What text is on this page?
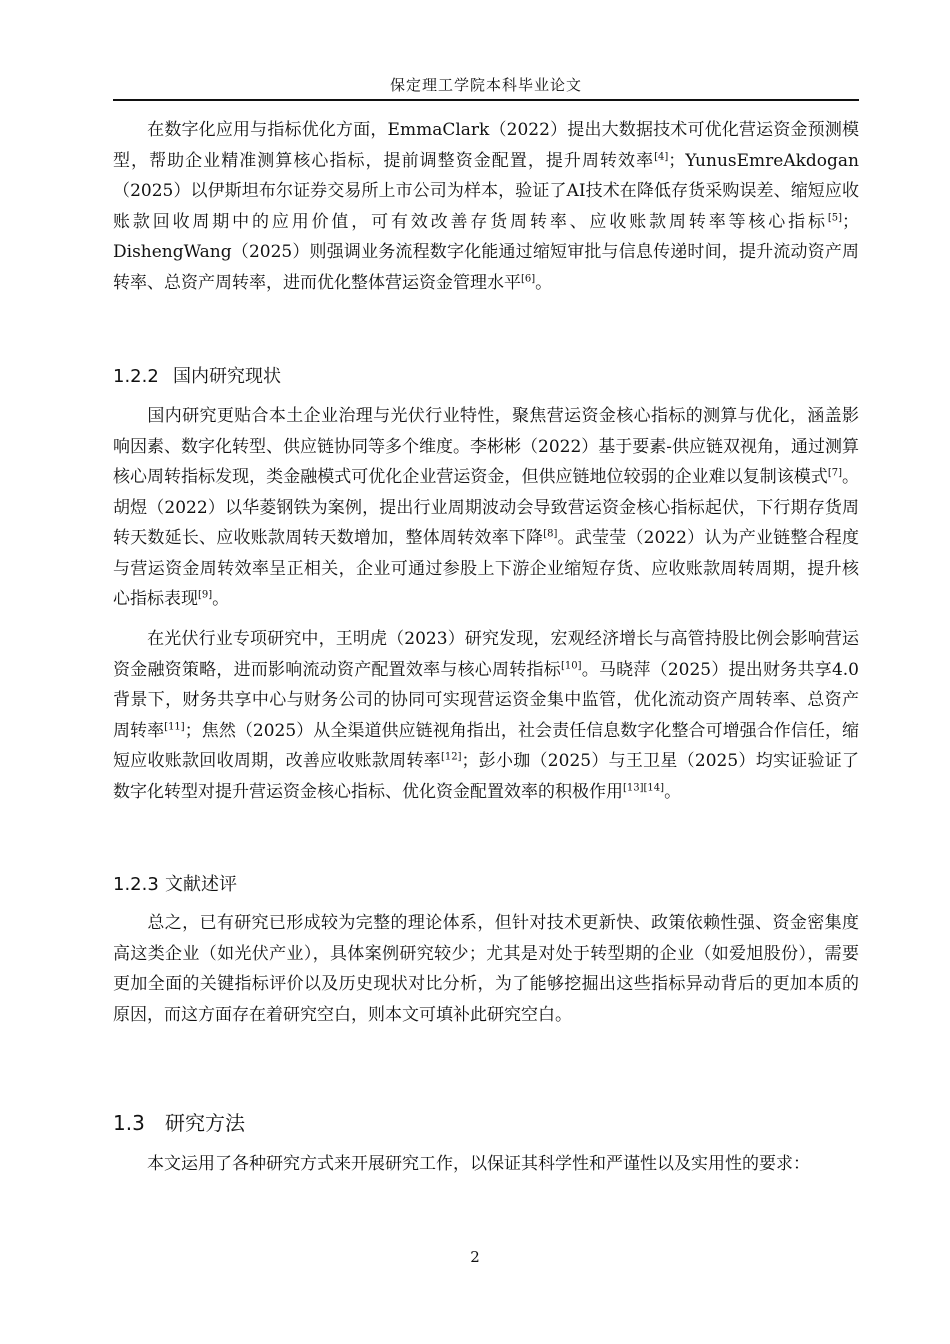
保定理工学院本科毕业论文

在数字化应用与指标优化方面，EmmaClark（2022）提出大数据技术可优化营运资金预测模型，帮助企业精准测算核心指标，提前调整资金配置，提升周转效率[4]；YunusEmreAkdogan（2025）以伊斯坦布尔证券交易所上市公司为样本，验证了AI技术在降低存货采购误差、缩短应收账款回收周期中的应用价值，可有效改善存货周转率、应收账款周转率等核心指标[5]；DishengWang（2025）则强调业务流程数字化能通过缩短审批与信息传递时间，提升流动资产周转率、总资产周转率，进而优化整体营运资金管理水平[6]。

1.2.2 国内研究现状

国内研究更贴合本土企业治理与光伏行业特性，聚焦营运资金核心指标的测算与优化，涵盖影响因素、数字化转型、供应链协同等多个维度。李彬彬（2022）基于要素-供应链双视角，通过测算核心周转指标发现，类金融模式可优化企业营运资金，但供应链地位较弱的企业难以复制该模式[7]。胡煜（2022）以华菱钢铁为案例，提出行业周期波动会导致营运资金核心指标起伏，下行期存货周转天数延长、应收账款周转天数增加，整体周转效率下降[8]。武莹莹（2022）认为产业链整合程度与营运资金周转效率呈正相关，企业可通过参股上下游企业缩短存货、应收账款周转周期，提升核心指标表现[9]。

在光伏行业专项研究中，王明虎（2023）研究发现，宏观经济增长与高管持股比例会影响营运资金融资策略，进而影响流动资产配置效率与核心周转指标[10]。马晓萍（2025）提出财务共享4.0背景下，财务共享中心与财务公司的协同可实现营运资金集中监管，优化流动资产周转率、总资产周转率[11]；焦然（2025）从全渠道供应链视角指出，社会责任信息数字化整合可增强合作信任，缩短应收账款回收周期，改善应收账款周转率[12]；彭小珈（2025）与王卫星（2025）均实证验证了数字化转型对提升营运资金核心指标、优化资金配置效率的积极作用[13][14]。

1.2.3 文献述评

总之，已有研究已形成较为完整的理论体系，但针对技术更新快、政策依赖性强、资金密集度高这类企业（如光伏产业），具体案例研究较少；尤其是对处于转型期的企业（如爱旭股份），需要更加全面的关键指标评价以及历史现状对比分析，为了能够挖掘出这些指标异动背后的更加本质的原因，而这方面存在着研究空白，则本文可填补此研究空白。

1.3 研究方法

本文运用了各种研究方式来开展研究工作，以保证其科学性和严谨性以及实用性的要求：

2
